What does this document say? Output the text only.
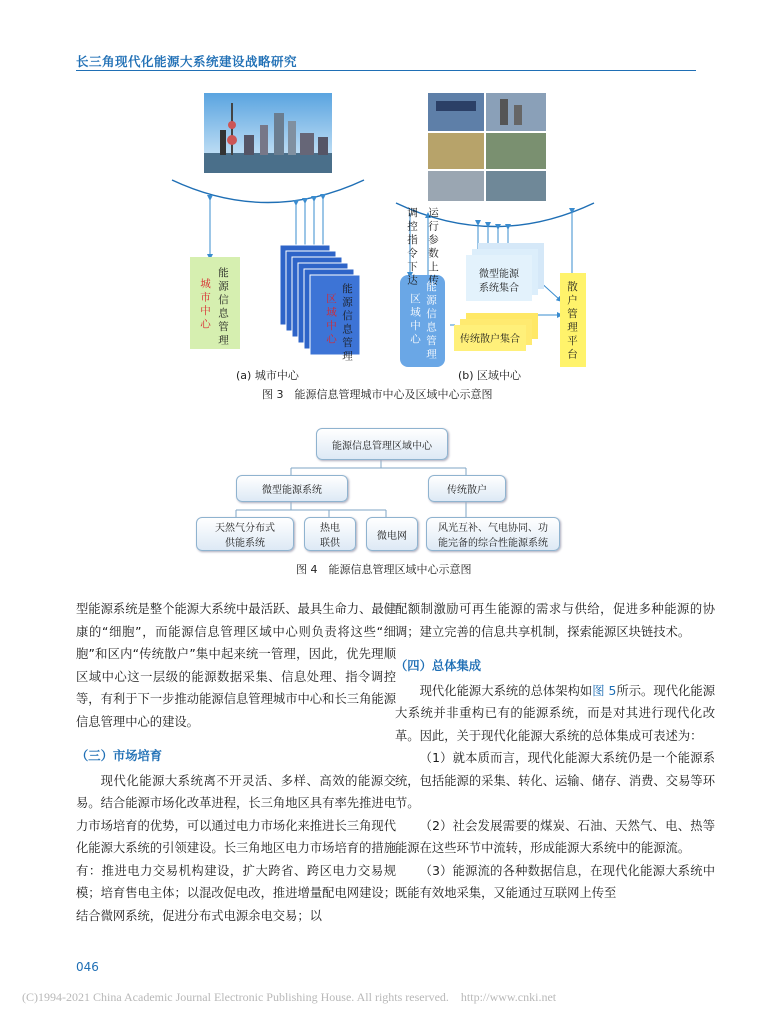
长三角现代化能源大系统建设战略研究
城市中心 能源信息管理	区域中心 能源信息管理
调控指令下达 运行参数上传
区域中心 能源信息管理
微型能源
系统集合
传统散户集合	散户管理平台
(a) 城市中心	(b) 区域中心
图 3　能源信息管理城市中心及区域中心示意图
能源信息管理区域中心
微型能源系统	传统散户
天然气分布式
供能系统
热电
联供
微电网
风光互补、气电协同、功
能完备的综合性能源系统
图 4　能源信息管理区域中心示意图

型能源系统是整个能源大系统中最活跃、最具生命力、最健康的“细胞”，而能源信息管理区域中心则负责将这些“细胞”和区内“传统散户”集中起来统一管理，因此，优先理顺区域中心这一层级的能源数据采集、信息处理、指令调控等，有利于下一步推动能源信息管理城市中心和长三角能源信息管理中心的建设。

（三）市场培育

现代化能源大系统离不开灵活、多样、高效的能源交易。结合能源市场化改革进程，长三角地区具有率先推进电力市场培育的优势，可以通过电力市场化来推进长三角现代化能源大系统的引领建设。长三角地区电力市场培育的措施有：推进电力交易机构建设，扩大跨省、跨区电力交易规模；培育售电主体；以混改促电改，推进增量配电网建设；结合微网系统，促进分布式电源余电交易；以

配额制激励可再生能源的需求与供给，促进多种能源的协调；建立完善的信息共享机制，探索能源区块链技术。

（四）总体集成

现代化能源大系统的总体架构如图 5所示。现代化能源大系统并非重构已有的能源系统，而是对其进行现代化改革。因此，关于现代化能源大系统的总体集成可表述为：

（1）就本质而言，现代化能源大系统仍是一个能源系统，包括能源的采集、转化、运输、储存、消费、交易等环节。

（2）社会发展需要的煤炭、石油、天然气、电、热等能源在这些环节中流转，形成能源大系统中的能源流。

（3）能源流的各种数据信息，在现代化能源大系统中既能有效地采集，又能通过互联网上传至

046
(C)1994-2021 China Academic Journal Electronic Publishing House. All rights reserved.    http://www.cnki.net
